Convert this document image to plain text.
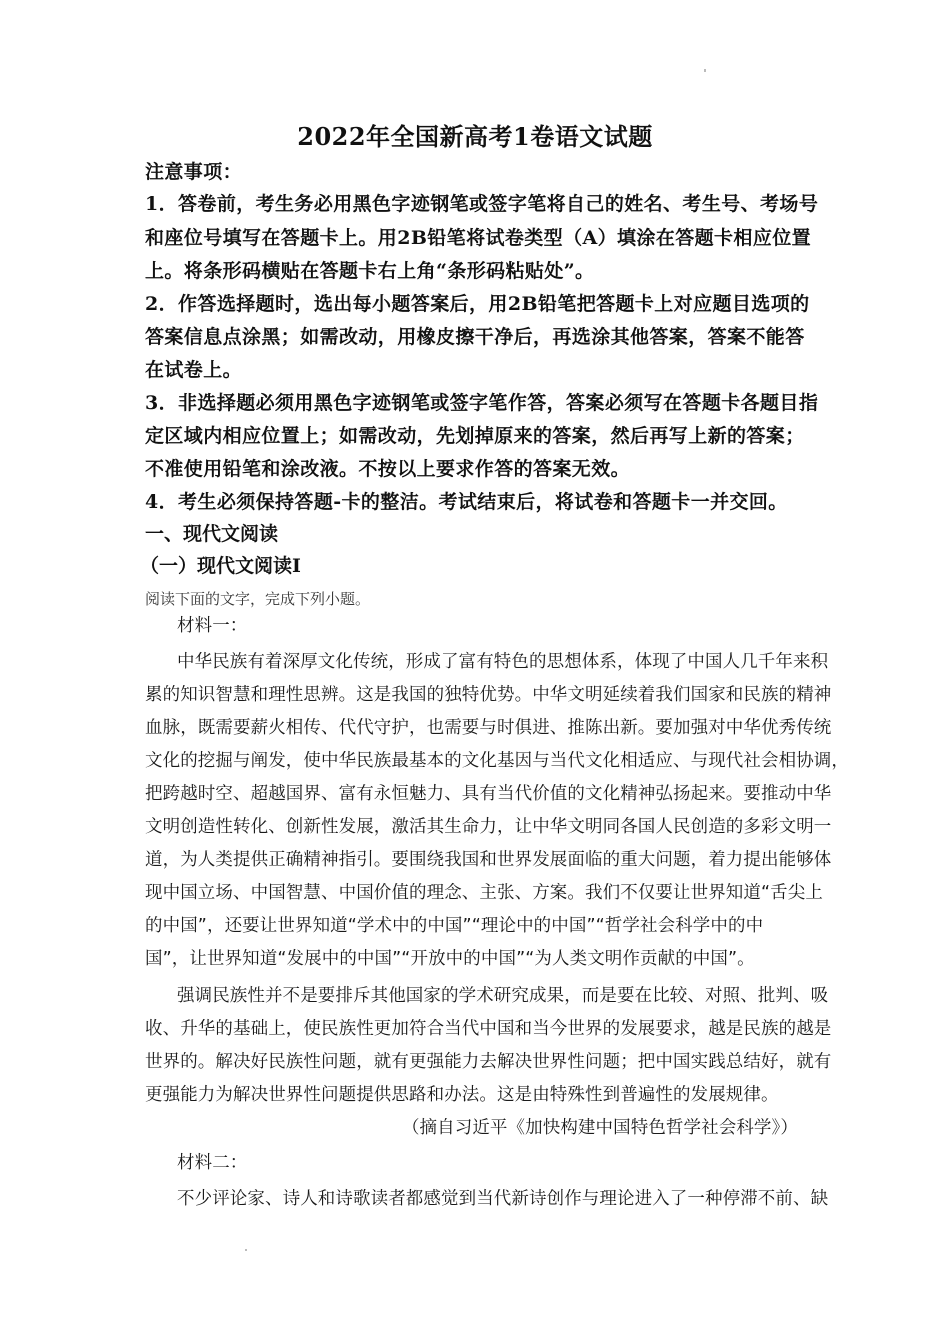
2022年全国新高考1卷语文试题
注意事项：
1．答卷前，考生务必用黑色字迹钢笔或签字笔将自己的姓名、考生号、考场号
和座位号填写在答题卡上。用2B铅笔将试卷类型（A）填涂在答题卡相应位置
上。将条形码横贴在答题卡右上角“条形码粘贴处”。
2．作答选择题时，选出每小题答案后，用2B铅笔把答题卡上对应题目选项的
答案信息点涂黑；如需改动，用橡皮擦干净后，再选涂其他答案，答案不能答
在试卷上。
3．非选择题必须用黑色字迹钢笔或签字笔作答，答案必须写在答题卡各题目指
定区域内相应位置上；如需改动，先划掉原来的答案，然后再写上新的答案；
不准使用铅笔和涂改液。不按以上要求作答的答案无效。
4．考生必须保持答题-卡的整洁。考试结束后，将试卷和答题卡一并交回。
一、现代文阅读
（一）现代文阅读Ⅰ
阅读下面的文字，完成下列小题。
材料一：
中华民族有着深厚文化传统，形成了富有特色的思想体系，体现了中国人几千年来积
累的知识智慧和理性思辨。这是我国的独特优势。中华文明延续着我们国家和民族的精神
血脉，既需要薪火相传、代代守护，也需要与时俱进、推陈出新。要加强对中华优秀传统
文化的挖掘与阐发，使中华民族最基本的文化基因与当代文化相适应、与现代社会相协调，
把跨越时空、超越国界、富有永恒魅力、具有当代价值的文化精神弘扬起来。要推动中华
文明创造性转化、创新性发展，激活其生命力，让中华文明同各国人民创造的多彩文明一
道，为人类提供正确精神指引。要围绕我国和世界发展面临的重大问题，着力提出能够体
现中国立场、中国智慧、中国价值的理念、主张、方案。我们不仅要让世界知道“舌尖上
的中国”，还要让世界知道“学术中的中国”“理论中的中国”“哲学社会科学中的中
国”，让世界知道“发展中的中国”“开放中的中国”“为人类文明作贡献的中国”。
强调民族性并不是要排斥其他国家的学术研究成果，而是要在比较、对照、批判、吸
收、升华的基础上，使民族性更加符合当代中国和当今世界的发展要求，越是民族的越是
世界的。解决好民族性问题，就有更强能力去解决世界性问题；把中国实践总结好，就有
更强能力为解决世界性问题提供思路和办法。这是由特殊性到普遍性的发展规律。
（摘自习近平《加快构建中国特色哲学社会科学》）
材料二：
不少评论家、诗人和诗歌读者都感觉到当代新诗创作与理论进入了一种停滞不前、缺
